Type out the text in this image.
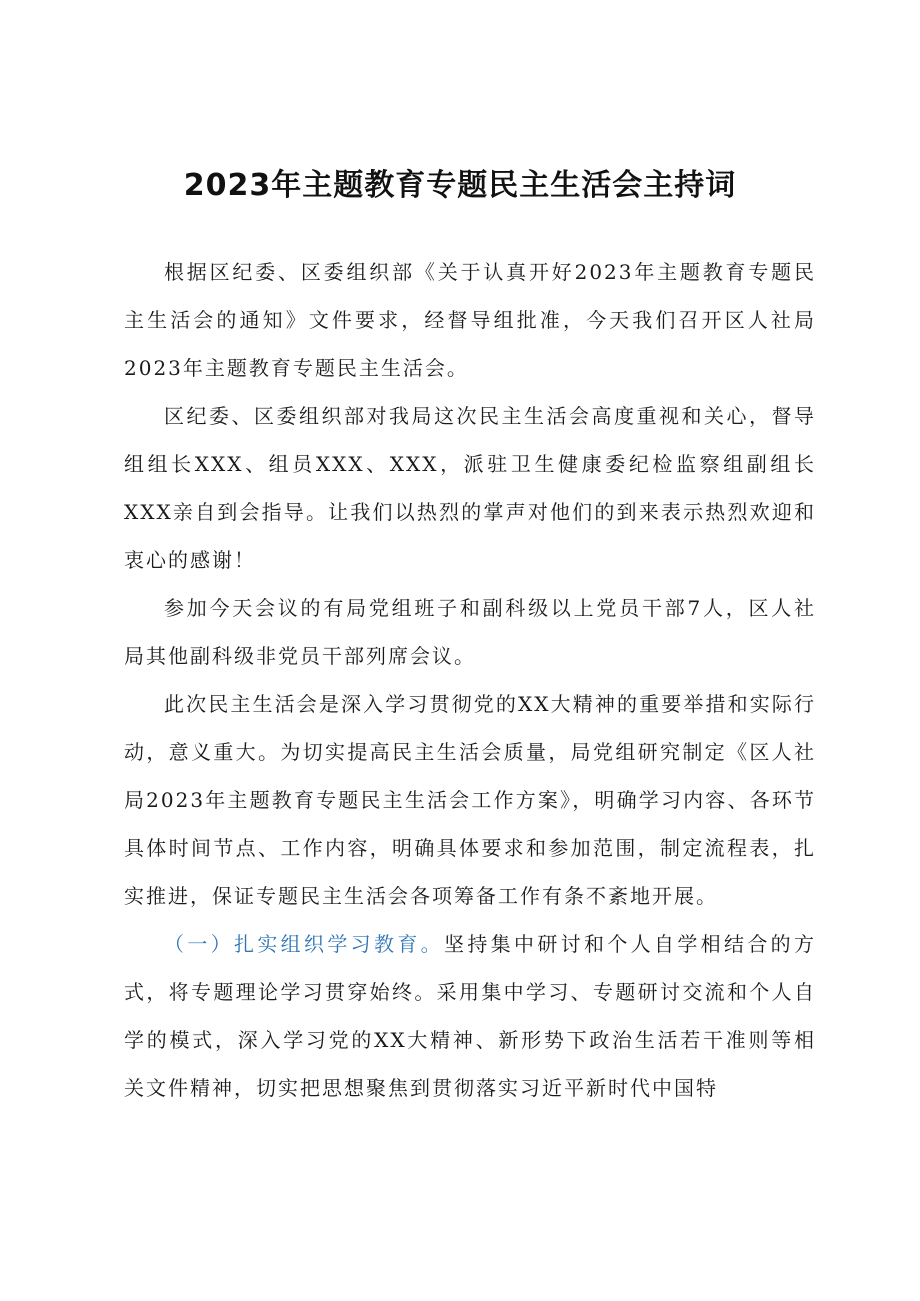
2023年主题教育专题民主生活会主持词

根据区纪委、区委组织部《关于认真开好2023年主题教育专题民主生活会的通知》文件要求，经督导组批准，今天我们召开区人社局2023年主题教育专题民主生活会。

区纪委、区委组织部对我局这次民主生活会高度重视和关心，督导组组长XXX、组员XXX、XXX，派驻卫生健康委纪检监察组副组长XXX亲自到会指导。让我们以热烈的掌声对他们的到来表示热烈欢迎和衷心的感谢！

参加今天会议的有局党组班子和副科级以上党员干部7人，区人社局其他副科级非党员干部列席会议。

此次民主生活会是深入学习贯彻党的XX大精神的重要举措和实际行动，意义重大。为切实提高民主生活会质量，局党组研究制定《区人社局2023年主题教育专题民主生活会工作方案》，明确学习内容、各环节具体时间节点、工作内容，明确具体要求和参加范围，制定流程表，扎实推进，保证专题民主生活会各项筹备工作有条不紊地开展。

（一）扎实组织学习教育。坚持集中研讨和个人自学相结合的方式，将专题理论学习贯穿始终。采用集中学习、专题研讨交流和个人自学的模式，深入学习党的XX大精神、新形势下政治生活若干准则等相关文件精神，切实把思想聚焦到贯彻落实习近平新时代中国特
